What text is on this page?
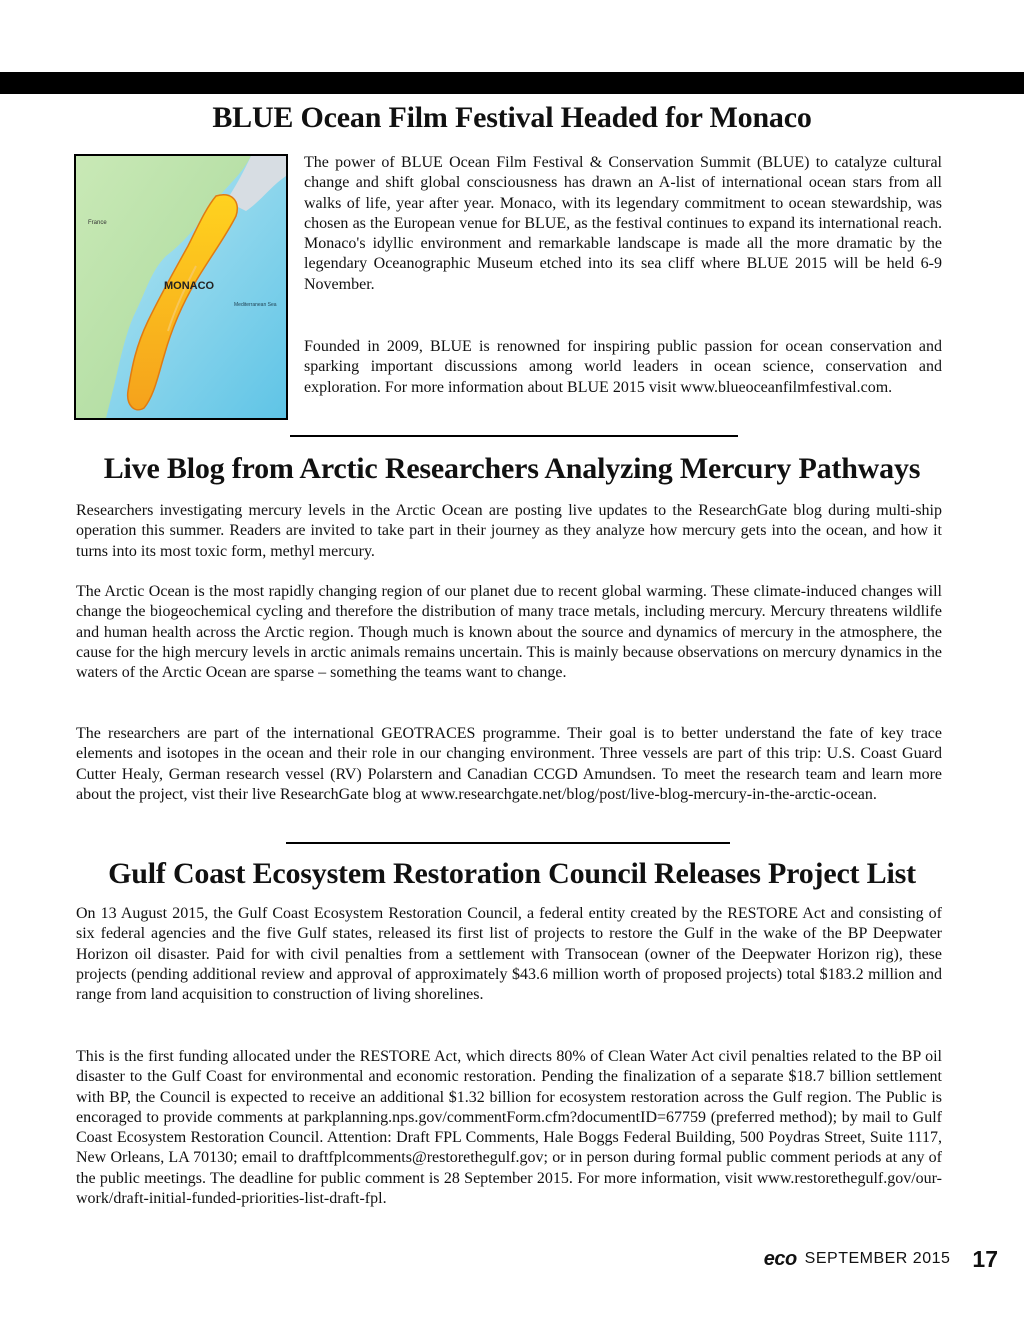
BLUE Ocean Film Festival Headed for Monaco
France
MONACO
Mediterranean Sea

The power of BLUE Ocean Film Festival & Conservation Summit (BLUE) to catalyze cultural change and shift global consciousness has drawn an A-list of international ocean stars from all walks of life, year after year. Monaco, with its legendary commitment to ocean stewardship, was chosen as the European venue for BLUE, as the festival continues to expand its international reach. Monaco's idyllic environment and remarkable landscape is made all the more dramatic by the legendary Oceanographic Museum etched into its sea cliff where BLUE 2015 will be held 6-9 November.

Founded in 2009, BLUE is renowned for inspiring public passion for ocean conservation and sparking important discussions among world leaders in ocean science, conservation and exploration. For more information about BLUE 2015 visit www.blueoceanfilmfestival.com.

Live Blog from Arctic Researchers Analyzing Mercury Pathways

Researchers investigating mercury levels in the Arctic Ocean are posting live updates to the ResearchGate blog during multi-ship operation this summer. Readers are invited to take part in their journey as they analyze how mercury gets into the ocean, and how it turns into its most toxic form, methyl mercury.

The Arctic Ocean is the most rapidly changing region of our planet due to recent global warming. These climate-induced changes will change the biogeochemical cycling and therefore the distribution of many trace metals, including mercury. Mercury threatens wildlife and human health across the Arctic region. Though much is known about the source and dynamics of mercury in the atmosphere, the cause for the high mercury levels in arctic animals remains uncertain. This is mainly because observations on mercury dynamics in the waters of the Arctic Ocean are sparse – something the teams want to change.

The researchers are part of the international GEOTRACES programme. Their goal is to better understand the fate of key trace elements and isotopes in the ocean and their role in our changing environment. Three vessels are part of this trip: U.S. Coast Guard Cutter Healy, German research vessel (RV) Polarstern and Canadian CCGD Amundsen. To meet the research team and learn more about the project, vist their live ResearchGate blog at www.researchgate.net/blog/post/live-blog-mercury-in-the-arctic-ocean.

Gulf Coast Ecosystem Restoration Council Releases Project List

On 13 August 2015, the Gulf Coast Ecosystem Restoration Council, a federal entity created by the RESTORE Act and consisting of six federal agencies and the five Gulf states, released its first list of projects to restore the Gulf in the wake of the BP Deepwater Horizon oil disaster. Paid for with civil penalties from a settlement with Transocean (owner of the Deepwater Horizon rig), these projects (pending additional review and approval of approximately $43.6 million worth of proposed projects) total $183.2 million and range from land acquisition to construction of living shorelines.

This is the first funding allocated under the RESTORE Act, which directs 80% of Clean Water Act civil penalties related to the BP oil disaster to the Gulf Coast for environmental and economic restoration. Pending the finalization of a separate $18.7 billion settlement with BP, the Council is expected to receive an additional $1.32 billion for ecosystem restoration across the Gulf region. The Public is encoraged to provide comments at parkplanning.nps.gov/commentForm.cfm?documentID=67759 (preferred method); by mail to Gulf Coast Ecosystem Restoration Council. Attention: Draft FPL Comments, Hale Boggs Federal Building, 500 Poydras Street, Suite 1117, New Orleans, LA 70130; email to draftfplcomments@restorethegulf.gov; or in person during formal public comment periods at any of the public meetings. The deadline for public comment is 28 September 2015. For more information, visit www.restorethegulf.gov/our-work/draft-initial-funded-priorities-list-draft-fpl.

eco SEPTEMBER 2015 17
